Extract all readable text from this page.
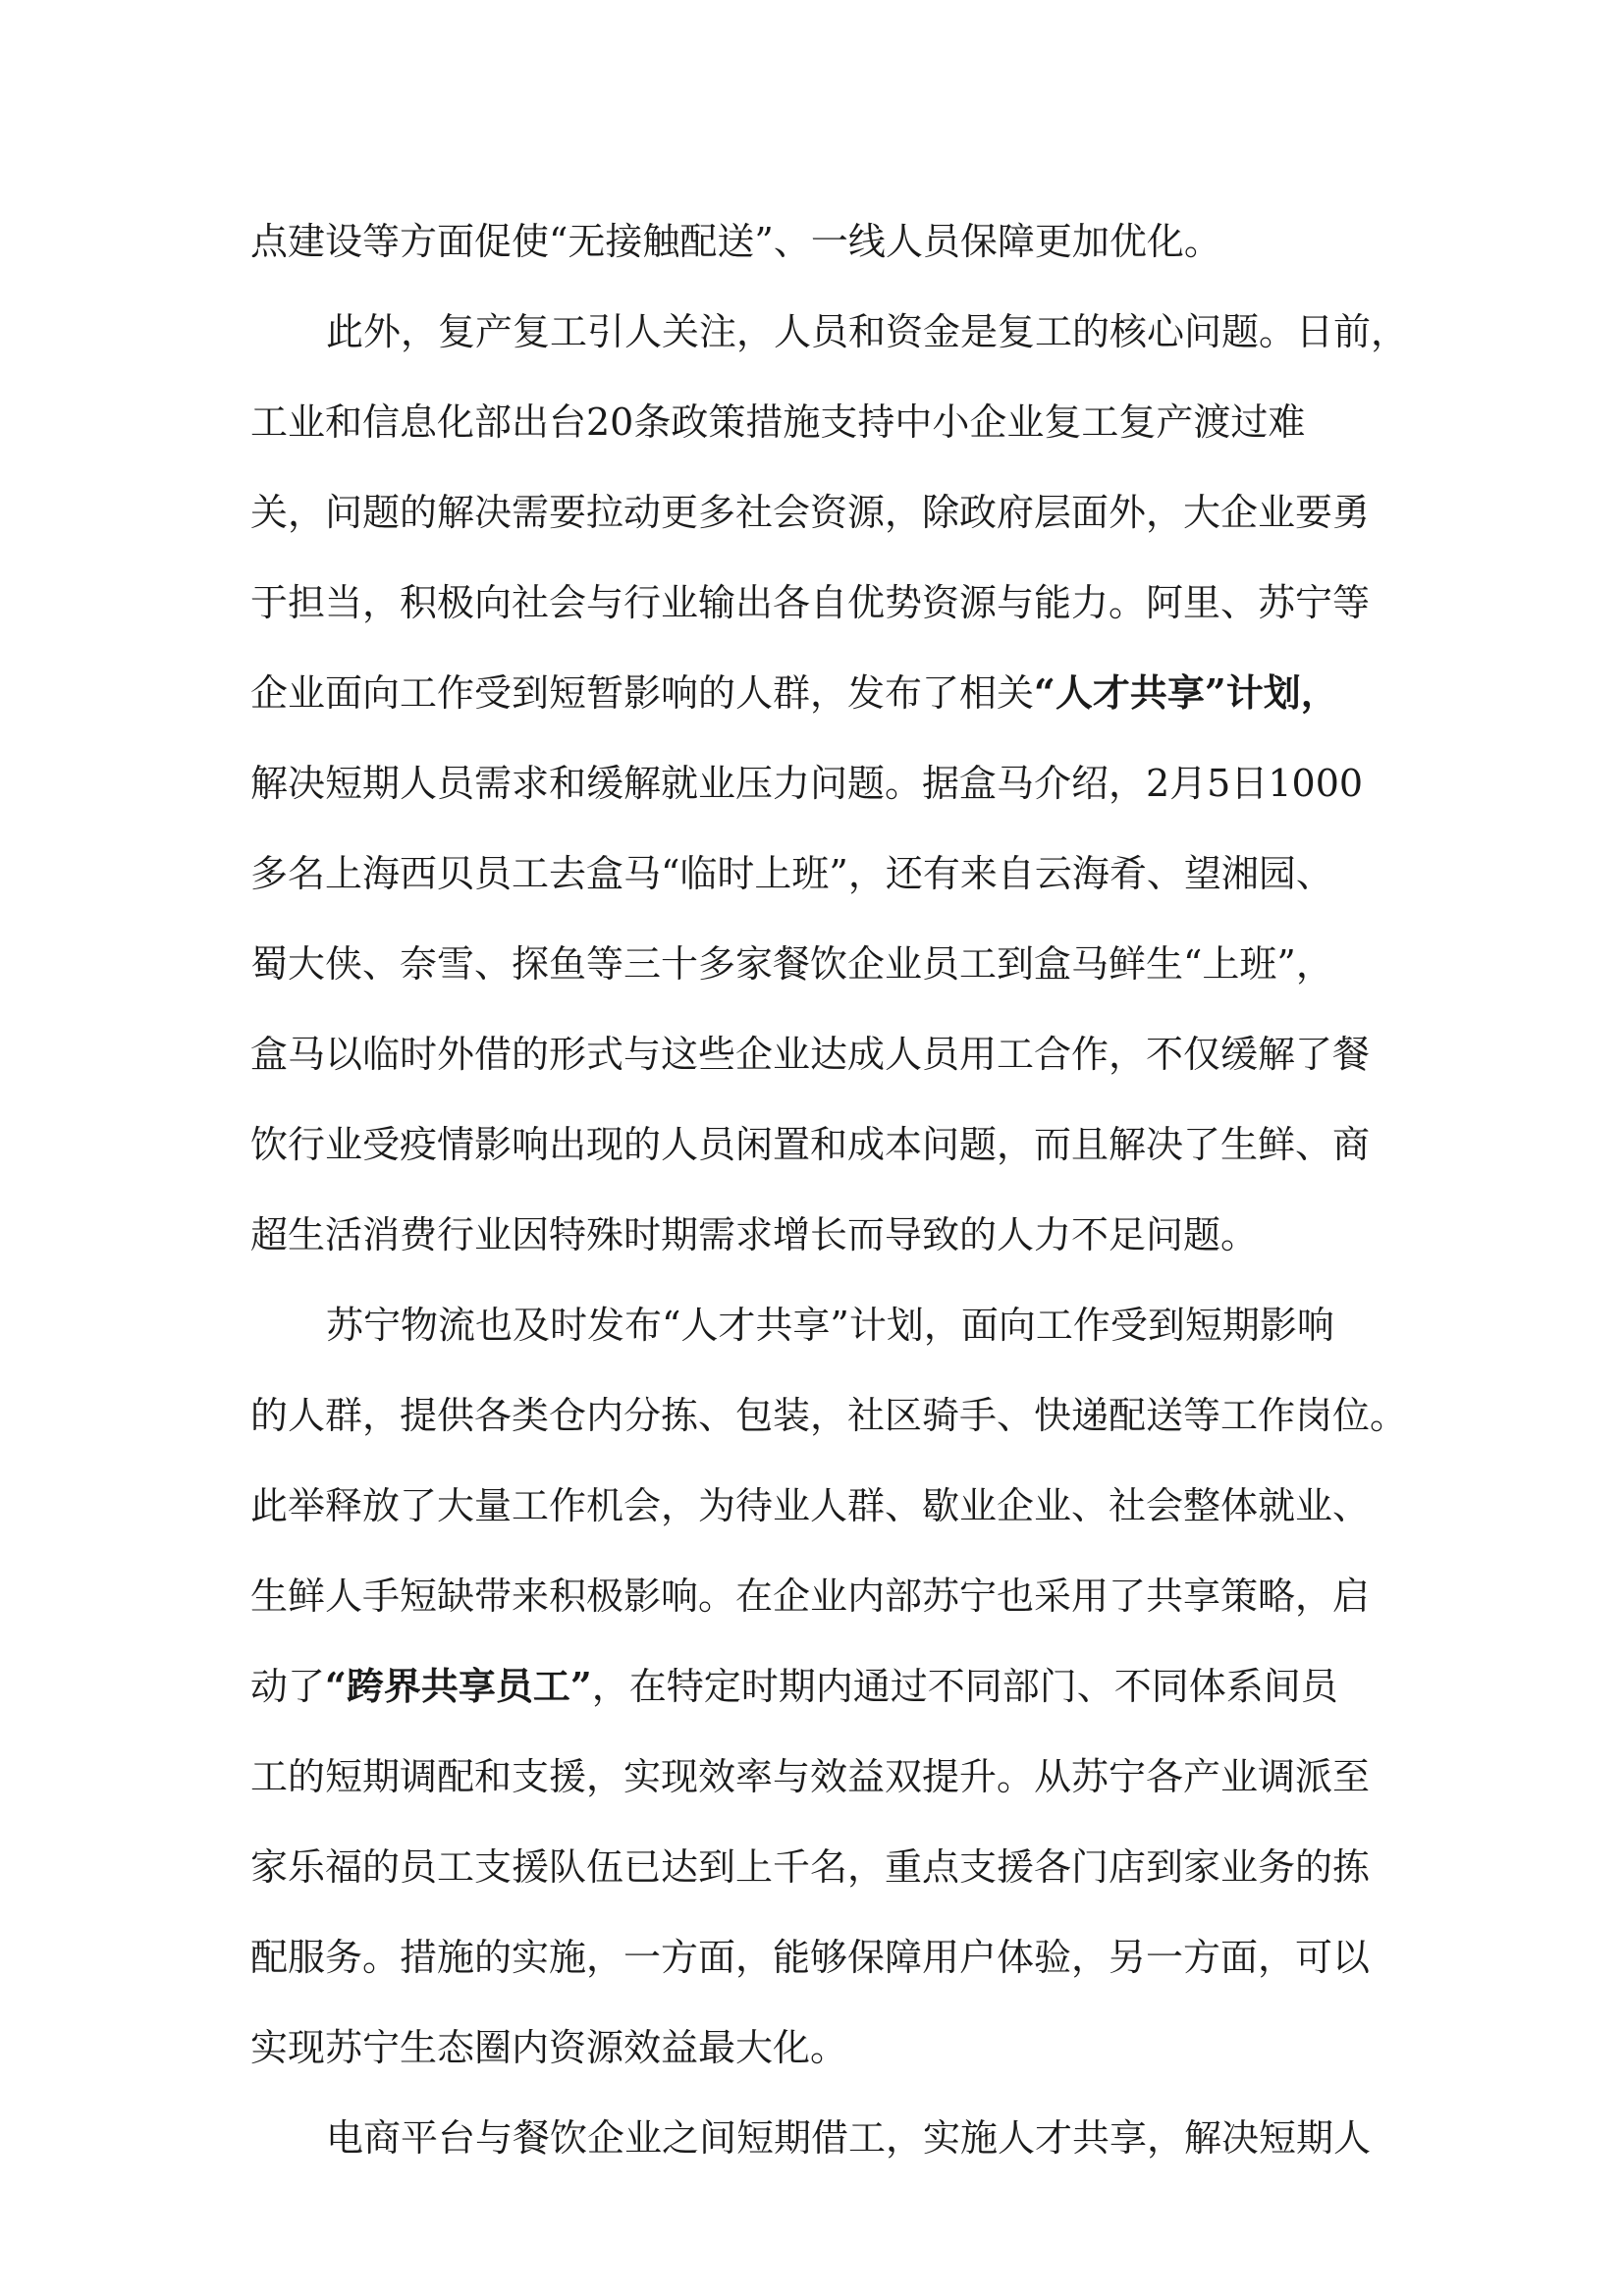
点建设等方面促使“无接触配送”、一线人员保障更加优化。
此外，复产复工引人关注，人员和资金是复工的核心问题。日前，
工业和信息化部出台20条政策措施支持中小企业复工复产渡过难
关，问题的解决需要拉动更多社会资源，除政府层面外，大企业要勇
于担当，积极向社会与行业输出各自优势资源与能力。阿里、苏宁等
企业面向工作受到短暂影响的人群，发布了相关“人才共享”计划，
解决短期人员需求和缓解就业压力问题。据盒马介绍，2月5日1000
多名上海西贝员工去盒马“临时上班”，还有来自云海肴、望湘园、
蜀大侠、奈雪、探鱼等三十多家餐饮企业员工到盒马鲜生“上班”，
盒马以临时外借的形式与这些企业达成人员用工合作，不仅缓解了餐
饮行业受疫情影响出现的人员闲置和成本问题，而且解决了生鲜、商
超生活消费行业因特殊时期需求增长而导致的人力不足问题。
苏宁物流也及时发布“人才共享”计划，面向工作受到短期影响
的人群，提供各类仓内分拣、包装，社区骑手、快递配送等工作岗位。
此举释放了大量工作机会，为待业人群、歇业企业、社会整体就业、
生鲜人手短缺带来积极影响。在企业内部苏宁也采用了共享策略，启
动了“跨界共享员工”，在特定时期内通过不同部门、不同体系间员
工的短期调配和支援，实现效率与效益双提升。从苏宁各产业调派至
家乐福的员工支援队伍已达到上千名，重点支援各门店到家业务的拣
配服务。措施的实施，一方面，能够保障用户体验，另一方面，可以
实现苏宁生态圈内资源效益最大化。
电商平台与餐饮企业之间短期借工，实施人才共享，解决短期人
